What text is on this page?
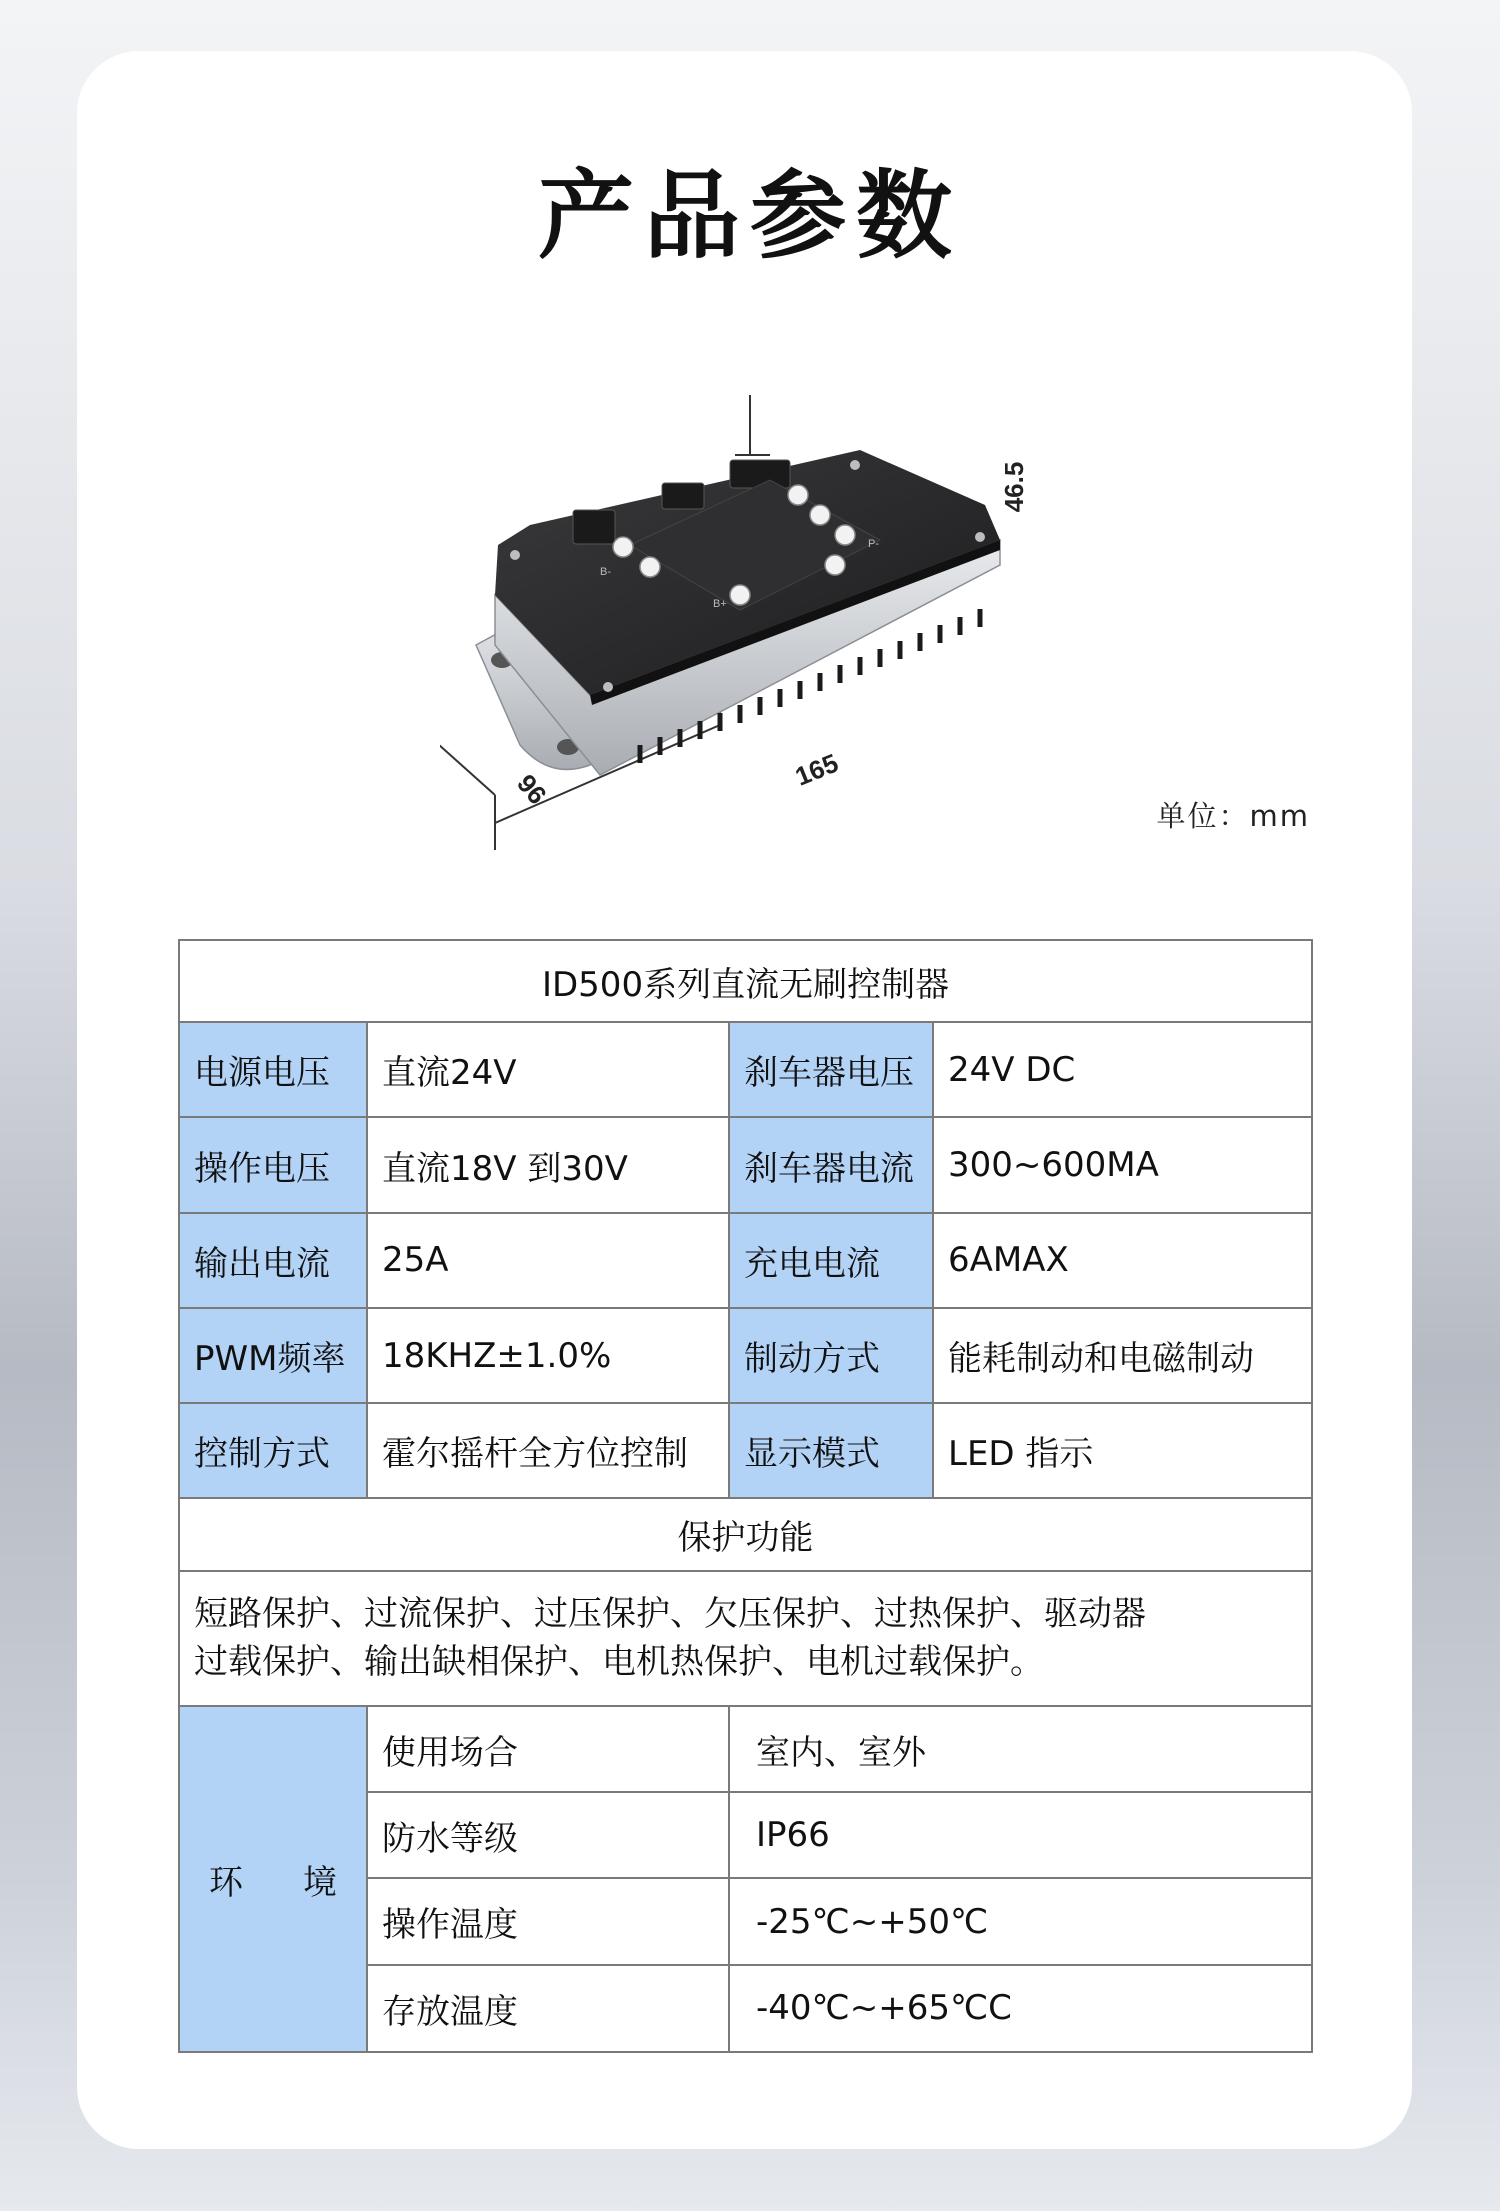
产品参数
46.5
165
96
B+
B-
P-
单位：mm
ID500系列直流无刷控制器			
电源电压	直流24V	刹车器电压	24V DC
操作电压	直流18V 到30V	刹车器电流	300~600MA
输出电流	25A	充电电流	6AMAX
PWM频率	18KHZ±1.0%	制动方式	能耗制动和电磁制动
控制方式	霍尔摇杆全方位控制	显示模式	LED 指示
保护功能			

短路保护、过流保护、过压保护、欠压保护、过热保护、驱动器
过载保护、输出缺相保护、电机热保护、电机过载保护。			

环 境	使用场合	室内、室外	
	防水等级	IP66	
	操作温度	-25℃~+50℃	
	存放温度	-40℃~+65℃C	
